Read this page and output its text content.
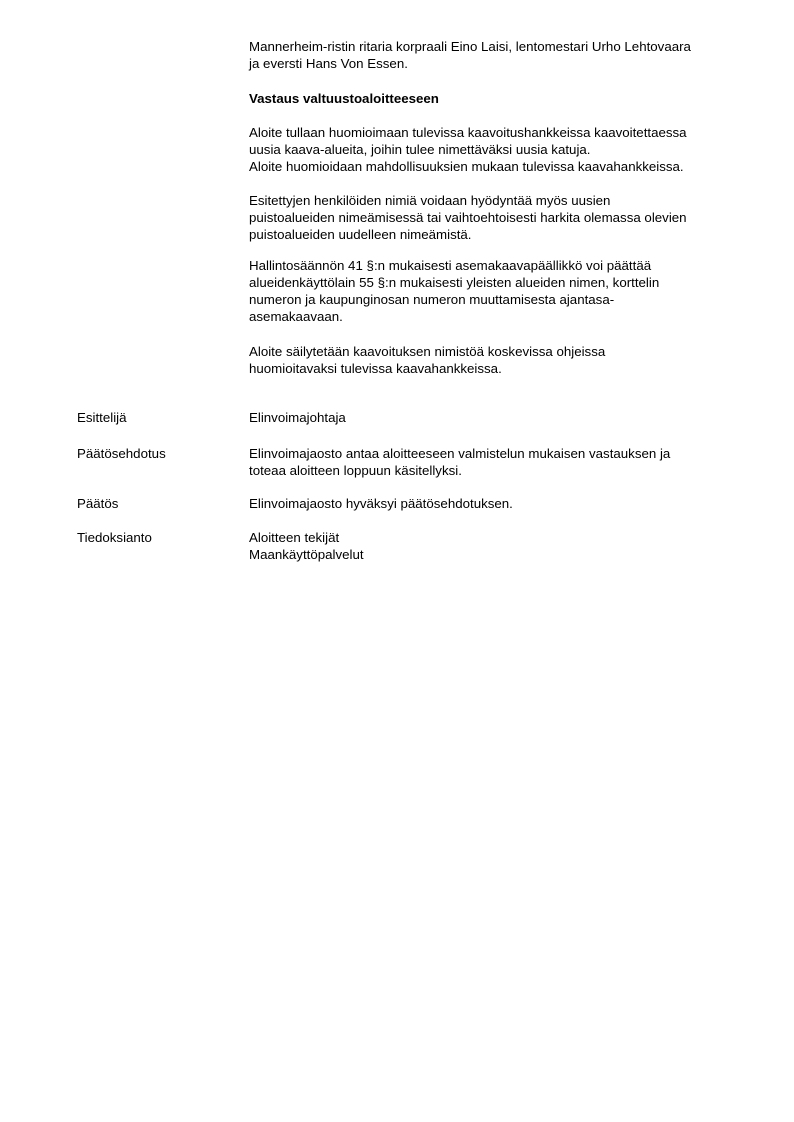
Mannerheim-ristin ritaria korpraali Eino Laisi, lentomestari Urho Lehtovaara
ja eversti Hans Von Essen.

Vastaus valtuustoaloitteeseen
Aloite tullaan huomioimaan tulevissa kaavoitushankkeissa kaavoitettaessa
uusia kaava-alueita, joihin tulee nimettäväksi uusia katuja.
Aloite huomioidaan mahdollisuuksien mukaan tulevissa kaavahankkeissa.
Esitettyjen henkilöiden nimiä voidaan hyödyntää myös uusien
puistoalueiden nimeämisessä tai vaihtoehtoisesti harkita olemassa olevien
puistoalueiden uudelleen nimeämistä.
Hallintosäännön 41 §:n mukaisesti asemakaavapäällikkö voi päättää
alueidenkäyttölain 55 §:n mukaisesti yleisten alueiden nimen, korttelin
numeron ja kaupunginosan numeron muuttamisesta ajantasa-
asemakaavaan.
Aloite säilytetään kaavoituksen nimistöä koskevissa ohjeissa
huomioitavaksi tulevissa kaavahankkeissa.
Esittelijä	Elinvoimajohtaja
Päätösehdotus	Elinvoimajaosto antaa aloitteeseen valmistelun mukaisen vastauksen ja
toteaa aloitteen loppuun käsitellyksi.
Päätös	Elinvoimajaosto hyväksyi päätösehdotuksen.
Tiedoksianto	Aloitteen tekijät
Maankäyttöpalvelut
